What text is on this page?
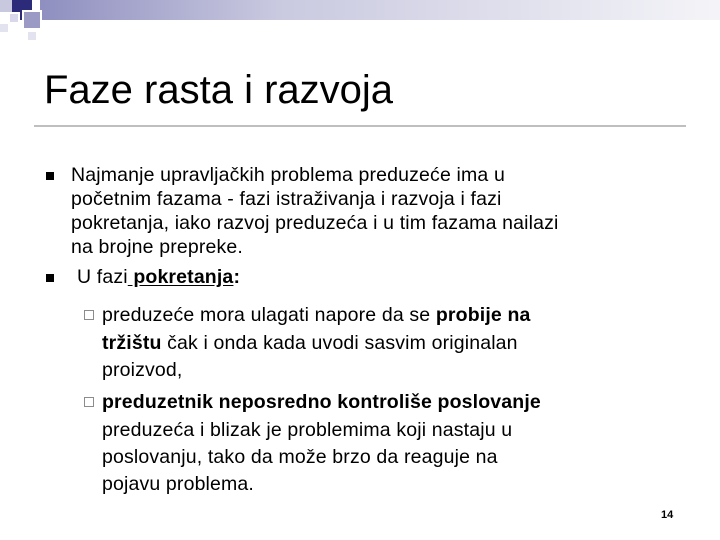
Faze rasta i razvoja
Najmanje upravljačkih problema preduzeće ima u
početnim fazama - fazi istraživanja i razvoja i fazi
pokretanja, iako razvoj preduzeća i u tim fazama nailazi
na brojne prepreke.
U fazi pokretanja:
preduzeće mora ulagati napore da se probije na
tržištu čak i onda kada uvodi sasvim originalan
proizvod,
preduzetnik neposredno kontroliše poslovanje
preduzeća i blizak je problemima koji nastaju u
poslovanju, tako da može brzo da reaguje na
pojavu problema.
14
